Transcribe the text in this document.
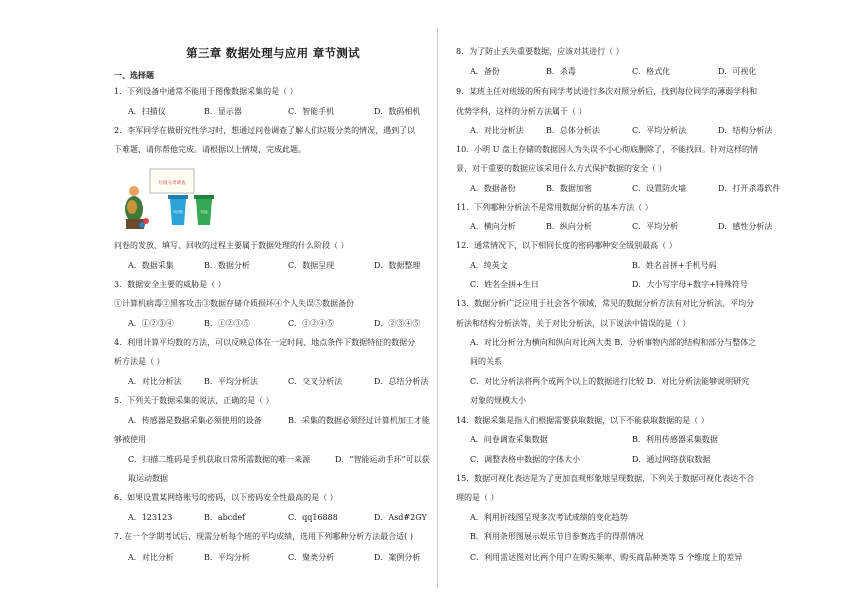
第三章 数据处理与应用 章节测试
一、选择题
1．下列设备中通常不能用于图像数据采集的是（ ）
A．扫描仪	B．显示器	C．智能手机	D．数码相机
2．李军同学在做研究性学习时，想通过问卷调查了解人们垃圾分类的情况，遇到了以
下难题，请你帮他完成。请根据以上情境，完成此题。
垃圾分类调查
可回收	其他
问卷的发放、填写、回收的过程主要属于数据处理的什么阶段（ ）
A．数据采集	B．数据分析	C．数据呈现	D．数据整理
3．数据安全主要的威胁是（ ）
①计算机病毒②黑客攻击③数据存储介质损坏④个人失误⑤数据备份
A．①②③④	B．①②③⑤	C．①②④⑤	D．②③④⑤
4．利用计算平均数的方法，可以反映总体在一定时间、地点条件下数据特征的数据分
析方法是（ ）
A．对比分析法	B．平均分析法	C．交叉分析法	D．总结分析法
5．下列关于数据采集的说法，正确的是（ ）
A．传感器是数据采集必须使用的设备	B．采集的数据必须经过计算机加工才能
够被使用
C．扫描二维码是手机获取日常所需数据的唯一来源	D．“智能运动手环”可以获
取运动数据
6．如果设置某网络账号的密码，以下密码安全性最高的是（ ）
A．123123	B．abcdef	C．qq16888	D．Asd#2GY
7. 在一个学期考试后，现需分析每个班的平均成绩，选用下列哪种分析方法最合适( )
A．对比分析	B．平均分析	C．聚类分析	D．案例分析
8．为了防止丢失重要数据，应该对其进行（ ）
A．备份	B．杀毒	C．格式化	D．可视化
9．某班主任对班级的所有同学考试进行多次对照分析后，找到每位同学的薄弱学科和
优势学科，这样的分析方法属于（ ）
A．对比分析法	B．总体分析法	C．平均分析法	D．结构分析法
10．小明 U 盘上存储的数据因人为失误不小心彻底删除了，不能找回。针对这样的情
景，对于重要的数据应该采用什么方式保护数据的安全（ ）
A．数据备份	B．数据加密	C．设置防火墙	D．打开杀毒软件
11．下列哪种分析法不是常用数据分析的基本方法（ ）
A．横向分析	B．纵向分析	C．平均分析	D．感性分析法
12．通常情况下，以下相同长度的密码哪种安全级别最高（ ）
A．纯英文	B．姓名首拼+手机号码
C．姓名全拼+生日	D．大小写字母+数字+特殊符号
13．数据分析广泛应用于社会各个领域，常见的数据分析方法有对比分析法、平均分
析法和结构分析法等，关于对比分析法，以下说法中错误的是（ ）
A．对比分析分为横向和纵向对比两大类 B．分析事物内部的结构和部分与整体之
间的关系
C．对比分析法将两个或两个以上的数据进行比较 D．对比分析法能够说明研究
对象的规模大小
14．数据采集是指人们根据需要获取数据，以下不能获取数据的是（ ）
A．问卷调查采集数据	B．利用传感器采集数据
C．调整表格中数据的字体大小	D．通过网络获取数据
15．数据可视化表达是为了更加直观形象地呈现数据，下列关于数据可视化表达不合
理的是（ ）
A．利用折线图呈现多次考试成绩的变化趋势
B．利用条形图展示娱乐节目参赛选手的得票情况
C．利用雷达图对比两个用户在购买频率、购买商品种类等 5 个维度上的差异
